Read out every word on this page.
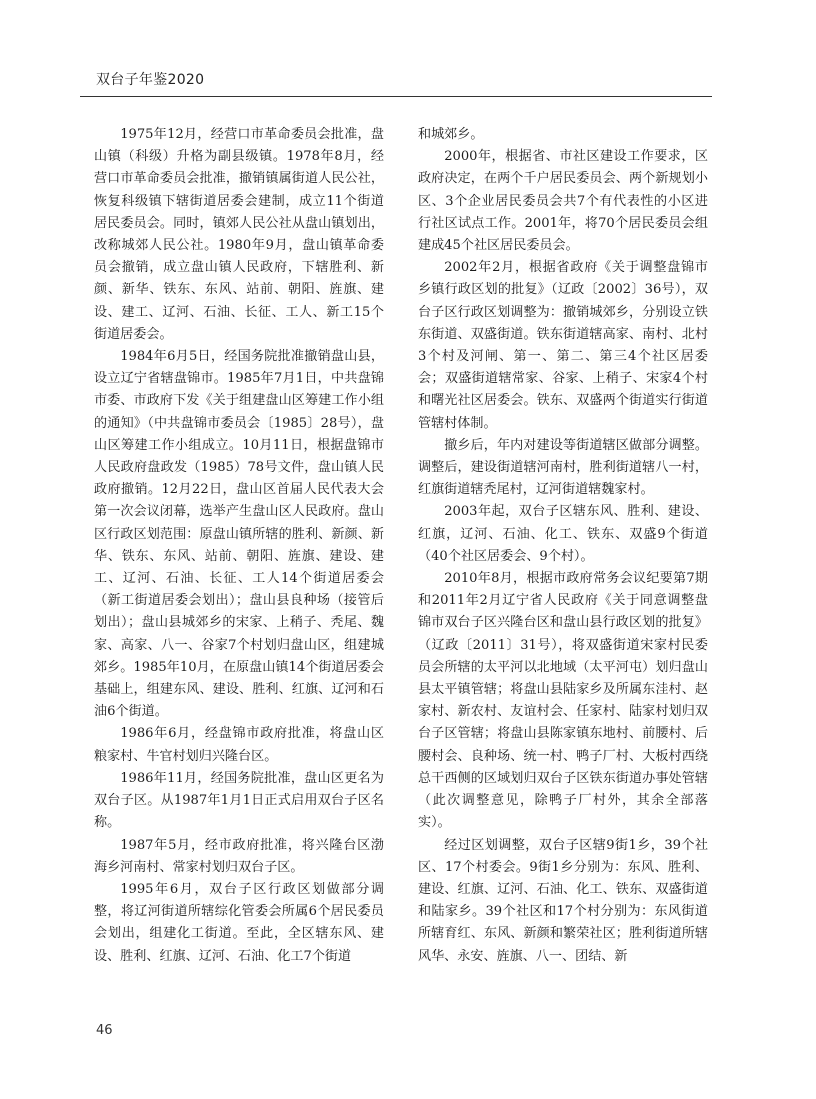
双台子年鉴2020

1975年12月，经营口市革命委员会批准，盘山镇（科级）升格为副县级镇。1978年8月，经营口市革命委员会批准，撤销镇属街道人民公社，恢复科级镇下辖街道居委会建制，成立11个街道居民委员会。同时，镇郊人民公社从盘山镇划出，改称城郊人民公社。1980年9月，盘山镇革命委员会撤销，成立盘山镇人民政府，下辖胜利、新颜、新华、铁东、东风、站前、朝阳、旌旗、建设、建工、辽河、石油、长征、工人、新工15个街道居委会。

1984年6月5日，经国务院批准撤销盘山县，设立辽宁省辖盘锦市。1985年7月1日，中共盘锦市委、市政府下发《关于组建盘山区筹建工作小组的通知》（中共盘锦市委员会〔1985〕28号），盘山区筹建工作小组成立。10月11日，根据盘锦市人民政府盘政发（1985）78号文件，盘山镇人民政府撤销。12月22日，盘山区首届人民代表大会第一次会议闭幕，选举产生盘山区人民政府。盘山区行政区划范围：原盘山镇所辖的胜利、新颜、新华、铁东、东风、站前、朝阳、旌旗、建设、建工、辽河、石油、长征、工人14个街道居委会（新工街道居委会划出）；盘山县良种场（接管后划出）；盘山县城郊乡的宋家、上稍子、秃尾、魏家、高家、八一、谷家7个村划归盘山区，组建城郊乡。1985年10月，在原盘山镇14个街道居委会基础上，组建东风、建设、胜利、红旗、辽河和石油6个街道。

1986年6月，经盘锦市政府批准，将盘山区粮家村、牛官村划归兴隆台区。

1986年11月，经国务院批准，盘山区更名为双台子区。从1987年1月1日正式启用双台子区名称。

1987年5月，经市政府批准，将兴隆台区渤海乡河南村、常家村划归双台子区。

1995年6月，双台子区行政区划做部分调整，将辽河街道所辖综化管委会所属6个居民委员会划出，组建化工街道。至此，全区辖东风、建设、胜利、红旗、辽河、石油、化工7个街道

和城郊乡。

2000年，根据省、市社区建设工作要求，区政府决定，在两个千户居民委员会、两个新规划小区、3个企业居民委员会共7个有代表性的小区进行社区试点工作。2001年，将70个居民委员会组建成45个社区居民委员会。

2002年2月，根据省政府《关于调整盘锦市乡镇行政区划的批复》（辽政〔2002〕36号），双台子区行政区划调整为：撤销城郊乡，分别设立铁东街道、双盛街道。铁东街道辖高家、南村、北村3个村及河闸、第一、第二、第三4个社区居委会；双盛街道辖常家、谷家、上稍子、宋家4个村和曙光社区居委会。铁东、双盛两个街道实行街道管辖村体制。

撤乡后，年内对建设等街道辖区做部分调整。调整后，建设街道辖河南村，胜利街道辖八一村，红旗街道辖秃尾村，辽河街道辖魏家村。

2003年起，双台子区辖东风、胜利、建设、红旗，辽河、石油、化工、铁东、双盛9个街道（40个社区居委会、9个村）。

2010年8月，根据市政府常务会议纪要第7期和2011年2月辽宁省人民政府《关于同意调整盘锦市双台子区兴隆台区和盘山县行政区划的批复》（辽政〔2011〕31号），将双盛街道宋家村民委员会所辖的太平河以北地域（太平河屯）划归盘山县太平镇管辖；将盘山县陆家乡及所属东洼村、赵家村、新农村、友谊村会、任家村、陆家村划归双台子区管辖；将盘山县陈家镇东地村、前腰村、后腰村会、良种场、统一村、鸭子厂村、大板村西绕总干西侧的区域划归双台子区铁东街道办事处管辖（此次调整意见，除鸭子厂村外，其余全部落实）。

经过区划调整，双台子区辖9街1乡，39个社区、17个村委会。9街1乡分别为：东风、胜利、建设、红旗、辽河、石油、化工、铁东、双盛街道和陆家乡。39个社区和17个村分别为：东风街道所辖育红、东风、新颜和繁荣社区；胜利街道所辖风华、永安、旌旗、八一、团结、新

46
